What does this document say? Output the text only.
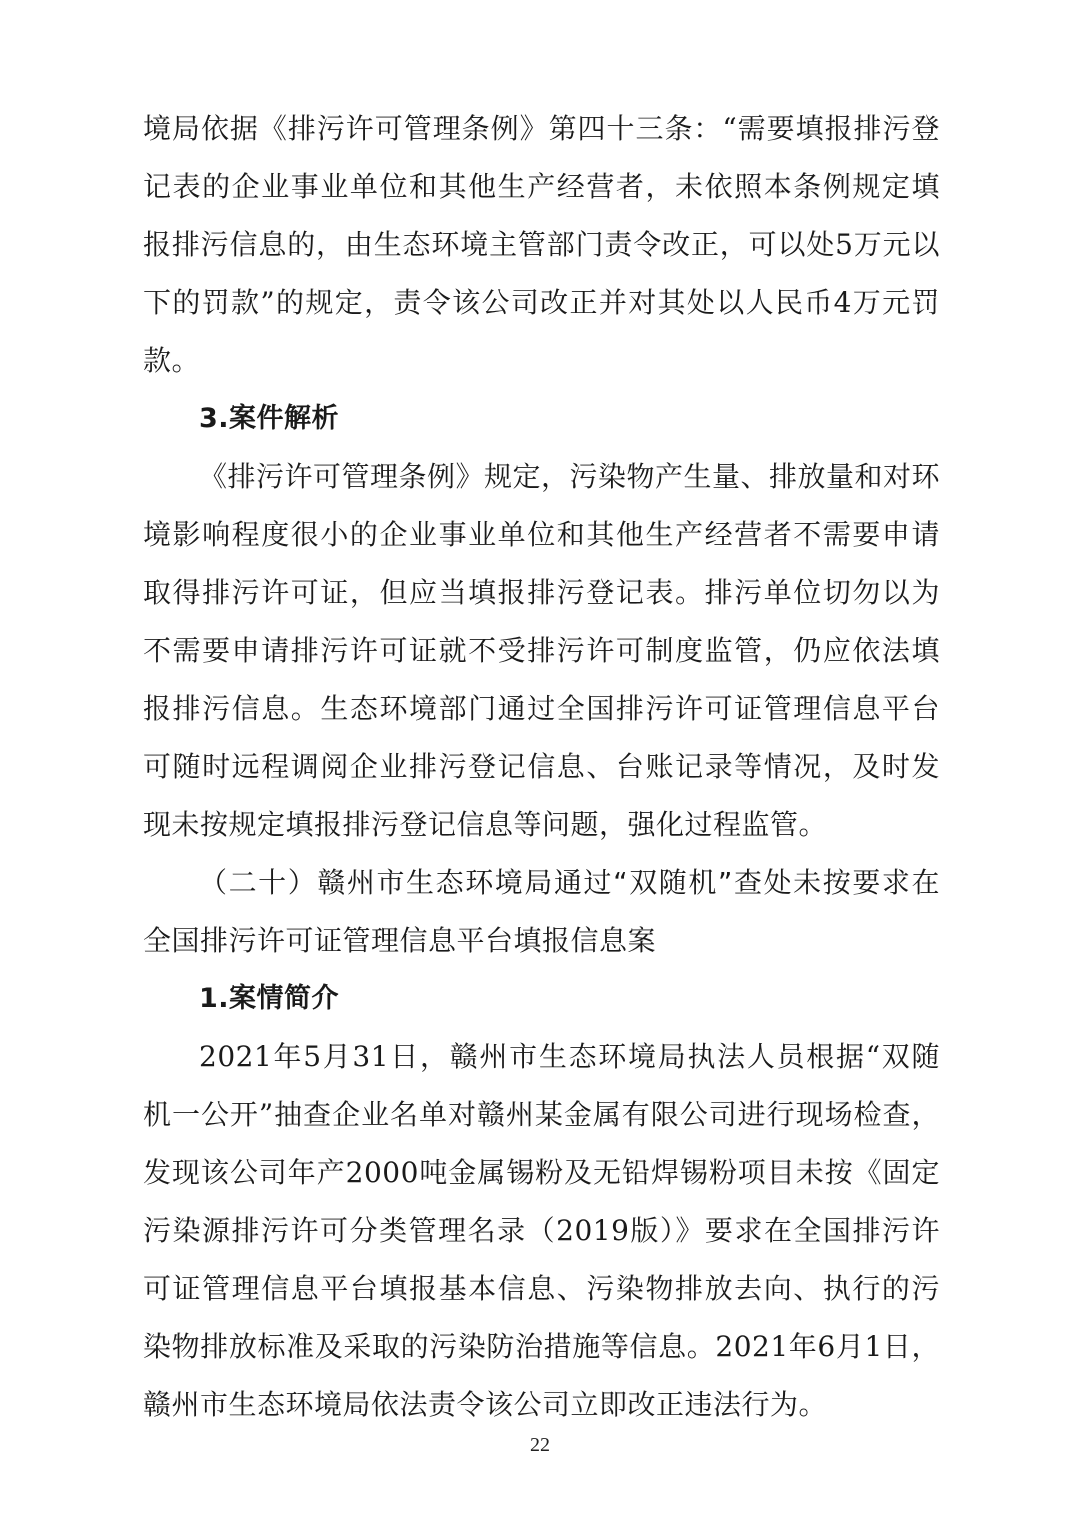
境局依据《排污许可管理条例》第四十三条：“需要填报排污登记表的企业事业单位和其他生产经营者，未依照本条例规定填报排污信息的，由生态环境主管部门责令改正，可以处5万元以下的罚款”的规定，责令该公司改正并对其处以人民币4万元罚款。

3.案件解析

《排污许可管理条例》规定，污染物产生量、排放量和对环境影响程度很小的企业事业单位和其他生产经营者不需要申请取得排污许可证，但应当填报排污登记表。排污单位切勿以为不需要申请排污许可证就不受排污许可制度监管，仍应依法填报排污信息。生态环境部门通过全国排污许可证管理信息平台可随时远程调阅企业排污登记信息、台账记录等情况，及时发现未按规定填报排污登记信息等问题，强化过程监管。

（二十）赣州市生态环境局通过“双随机”查处未按要求在全国排污许可证管理信息平台填报信息案

1.案情简介

2021年5月31日，赣州市生态环境局执法人员根据“双随机一公开”抽查企业名单对赣州某金属有限公司进行现场检查，发现该公司年产2000吨金属锡粉及无铅焊锡粉项目未按《固定污染源排污许可分类管理名录（2019版）》要求在全国排污许可证管理信息平台填报基本信息、污染物排放去向、执行的污染物排放标准及采取的污染防治措施等信息。2021年6月1日，赣州市生态环境局依法责令该公司立即改正违法行为。

22
